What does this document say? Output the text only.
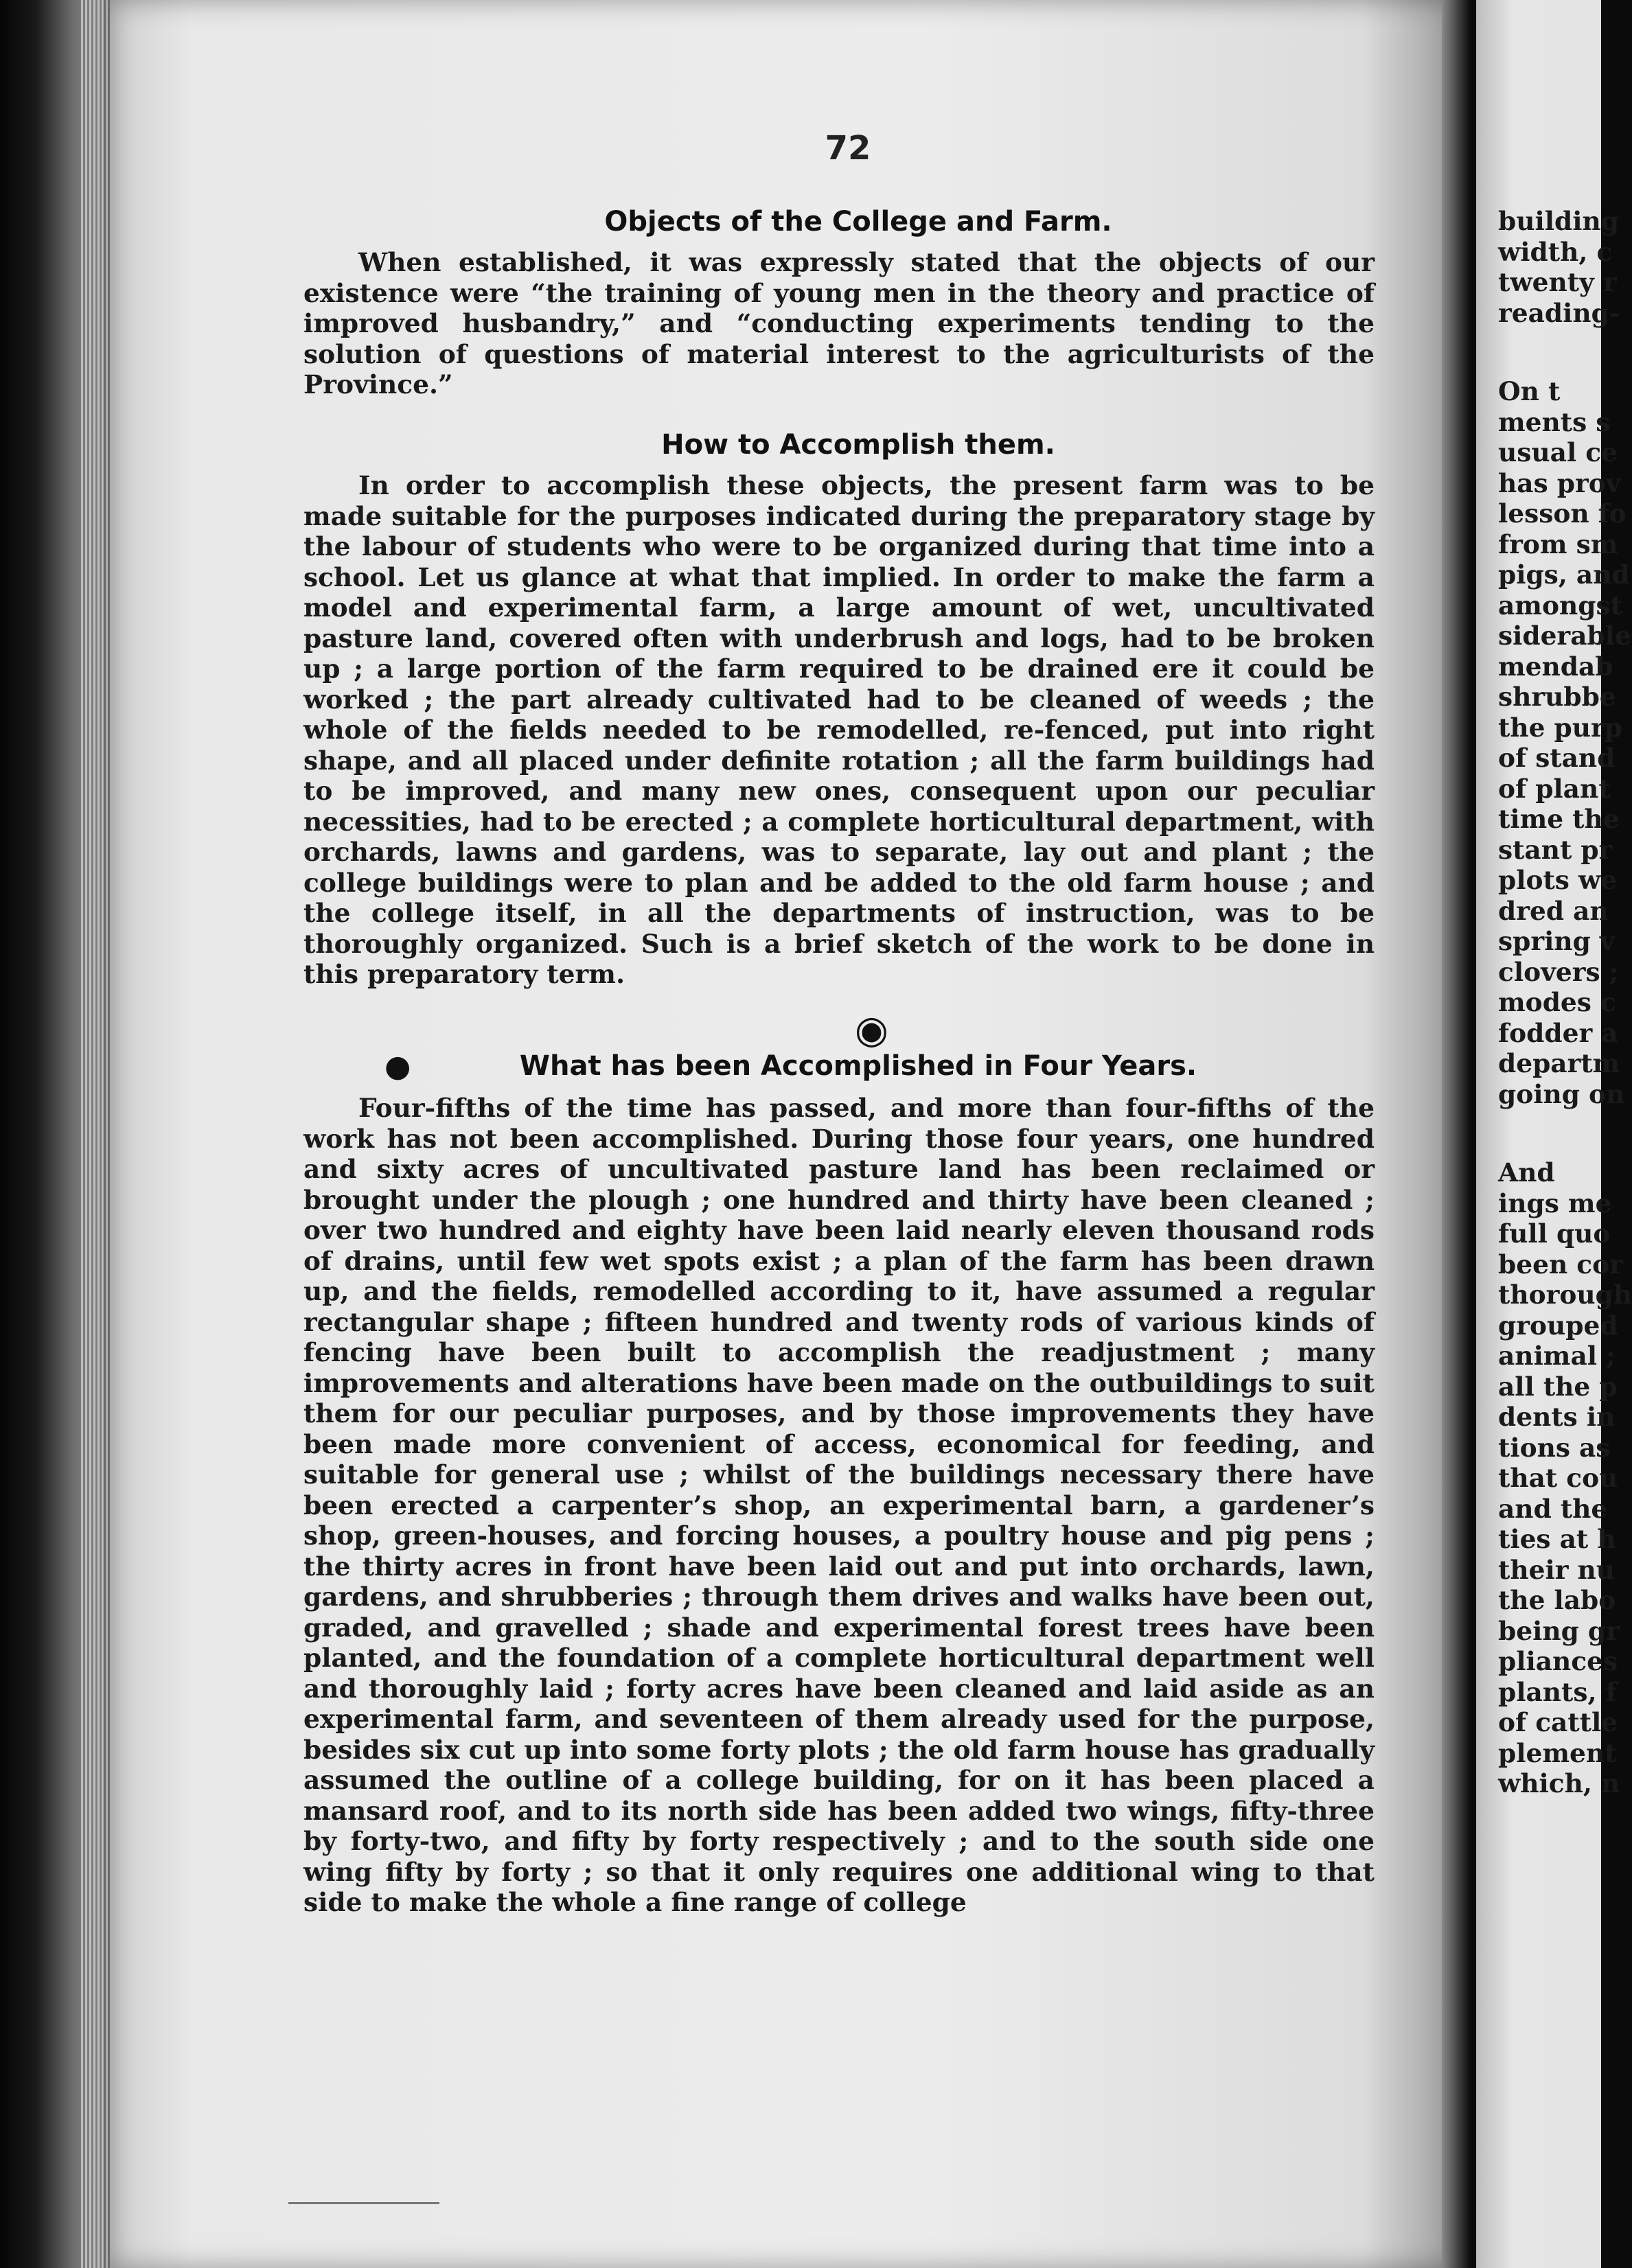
72
Objects of the College and Farm.

When established, it was expressly stated that the objects of our existence were “the training of young men in the theory and practice of improved husbandry,” and “conducting experiments tending to the solution of questions of material interest to the agriculturists of the Province.”

How to Accomplish them.

In order to accomplish these objects, the present farm was to be made suitable for the purposes indicated during the preparatory stage by the labour of students who were to be organized during that time into a school. Let us glance at what that implied. In order to make the farm a model and experimental farm, a large amount of wet, uncultivated pasture land, covered often with underbrush and logs, had to be broken up ; a large portion of the farm required to be drained ere it could be worked ; the part already cultivated had to be cleaned of weeds ; the whole of the fields needed to be remodelled, re-fenced, put into right shape, and all placed under definite rotation ; all the farm buildings had to be improved, and many new ones, consequent upon our peculiar necessities, had to be erected ; a complete horticultural department, with orchards, lawns and gardens, was to separate, lay out and plant ; the college buildings were to plan and be added to the old farm house ; and the college itself, in all the departments of instruction, was to be thoroughly organized. Such is a brief sketch of the work to be done in this preparatory term.

◉
What has been Accomplished in Four Years.
●

Four-fifths of the time has passed, and more than four-fifths of the work has not been accomplished. During those four years, one hundred and sixty acres of uncultivated pasture land has been reclaimed or brought under the plough ; one hundred and thirty have been cleaned ; over two hundred and eighty have been laid nearly eleven thousand rods of drains, until few wet spots exist ; a plan of the farm has been drawn up, and the fields, remodelled according to it, have assumed a regular rectangular shape ; fifteen hundred and twenty rods of various kinds of fencing have been built to accomplish the readjustment ; many improvements and alterations have been made on the outbuildings to suit them for our peculiar purposes, and by those improvements they have been made more convenient of access, economical for feeding, and suitable for general use ; whilst of the buildings necessary there have been erected a carpenter’s shop, an experimental barn, a gardener’s shop, green-houses, and forcing houses, a poultry house and pig pens ; the thirty acres in front have been laid out and put into orchards, lawn, gardens, and shrubberies ; through them drives and walks have been out, graded, and gravelled ; shade and experimental forest trees have been planted, and the foundation of a complete horticultural department well and thoroughly laid ; forty acres have been cleaned and laid aside as an experimental farm, and seventeen of them already used for the purpose, besides six cut up into some forty plots ; the old farm house has gradually assumed the outline of a college building, for on it has been placed a mansard roof, and to its north side has been added two wings, fifty-three by forty-two, and fifty by forty respectively ; and to the south side one wing fifty by forty ; so that it only requires one additional wing to that side to make the whole a fine range of college

building
width, c
twenty r
reading-
On t
ments s
usual ce
has prov
lesson fo
from sm
pigs, and
amongst
siderable
mendab
shrubbe
the purp
of stand
of plant
time the
stant pr
plots we
dred an
spring v
clovers ;
modes c
fodder a
departm
going on
And
ings me
full quo
been cor
thorough
grouped
animal ;
all the p
dents in
tions as
that cou
and the
ties at h
their nu
the labo
being gr
pliances
plants, f
of cattle
plement
which, n
